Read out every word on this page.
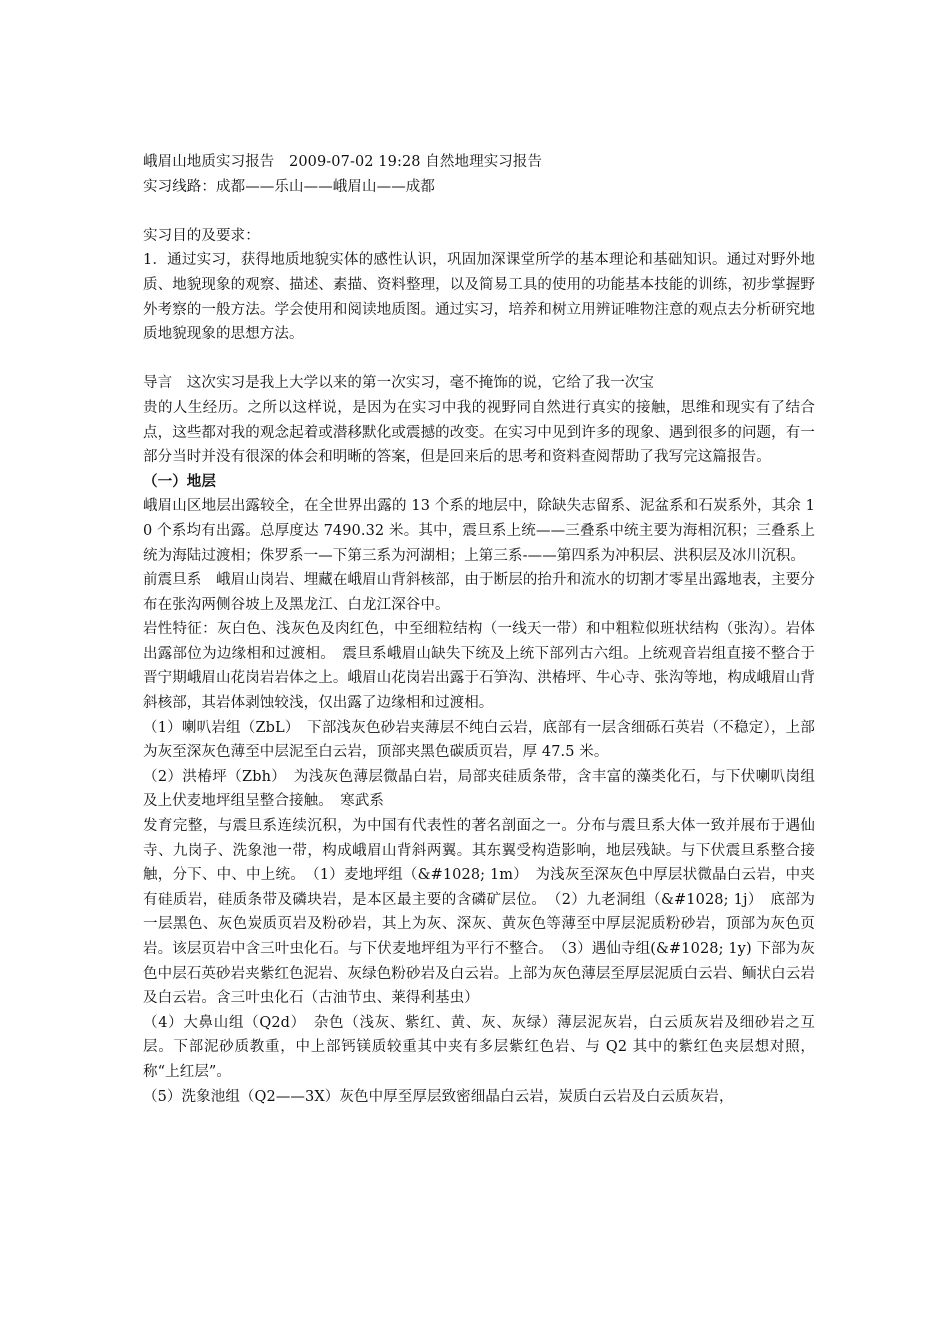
峨眉山地质实习报告　2009-07-02 19:28 自然地理实习报告

实习线路：成都——乐山——峨眉山——成都

实习目的及要求：

1．通过实习，获得地质地貌实体的感性认识，巩固加深课堂所学的基本理论和基础知识。通过对野外地质、地貌现象的观察、描述、素描、资料整理，以及简易工具的使用的功能基本技能的训练，初步掌握野外考察的一般方法。学会使用和阅读地质图。通过实习，培养和树立用辨证唯物注意的观点去分析研究地质地貌现象的思想方法。

导言　这次实习是我上大学以来的第一次实习，毫不掩饰的说，它给了我一次宝

贵的人生经历。之所以这样说，是因为在实习中我的视野同自然进行真实的接触，思维和现实有了结合点，这些都对我的观念起着或潜移默化或震撼的改变。在实习中见到许多的现象、遇到很多的问题，有一部分当时并没有很深的体会和明晰的答案，但是回来后的思考和资料查阅帮助了我写完这篇报告。

（一）地层

峨眉山区地层出露较全，在全世界出露的 13 个系的地层中，除缺失志留系、泥盆系和石炭系外，其余 10 个系均有出露。总厚度达 7490.32 米。其中，震旦系上统——三叠系中统主要为海相沉积；三叠系上统为海陆过渡相；侏罗系一—下第三系为河湖相；上第三系-——第四系为冲积层、洪积层及冰川沉积。

前震旦系　峨眉山岗岩、埋藏在峨眉山背斜核部，由于断层的抬升和流水的切割才零星出露地表，主要分布在张沟两侧谷坡上及黑龙江、白龙江深谷中。

岩性特征：灰白色、浅灰色及肉红色，中至细粒结构（一线天一带）和中粗粒似班状结构（张沟）。岩体出露部位为边缘相和过渡相。　震旦系峨眉山缺失下统及上统下部列古六组。上统观音岩组直接不整合于晋宁期峨眉山花岗岩岩体之上。峨眉山花岗岩出露于石笋沟、洪椿坪、牛心寺、张沟等地，构成峨眉山背斜核部，其岩体剥蚀较浅，仅出露了边缘相和过渡相。

（1）喇叭岩组（ZbL）　下部浅灰色砂岩夹薄层不纯白云岩，底部有一层含细砾石英岩（不稳定），上部为灰至深灰色薄至中层泥至白云岩，顶部夹黑色碳质页岩，厚 47.5 米。

（2）洪椿坪（Zbh）　为浅灰色薄层微晶白岩，局部夹硅质条带，含丰富的藻类化石，与下伏喇叭岗组及上伏麦地坪组呈整合接触。　寒武系

发育完整，与震旦系连续沉积，为中国有代表性的著名剖面之一。分布与震旦系大体一致并展布于遇仙寺、九岗子、洗象池一带，构成峨眉山背斜两翼。其东翼受构造影响，地层残缺。与下伏震旦系整合接触，分下、中、中上统。　（1）麦地坪组（&#1028; 1m）　为浅灰至深灰色中厚层状微晶白云岩，中夹有硅质岩，硅质条带及磷块岩，是本区最主要的含磷矿层位。　（2）九老洞组（&#1028; 1j）　底部为一层黑色、灰色炭质页岩及粉砂岩，其上为灰、深灰、黄灰色等薄至中厚层泥质粉砂岩，顶部为灰色页岩。该层页岩中含三叶虫化石。与下伏麦地坪组为平行不整合。　（3）遇仙寺组(&#1028; 1y) 下部为灰色中层石英砂岩夹紫红色泥岩、灰绿色粉砂岩及白云岩。上部为灰色薄层至厚层泥质白云岩、鲕状白云岩及白云岩。含三叶虫化石（古油节虫、莱得利基虫）

（4）大鼻山组（Q2d）　杂色（浅灰、紫红、黄、灰、灰绿）薄层泥灰岩，白云质灰岩及细砂岩之互层。下部泥砂质教重，中上部钙镁质较重其中夹有多层紫红色岩、与 Q2 其中的紫红色夹层想对照，称“上红层”。

（5）洗象池组（Q2——3X）灰色中厚至厚层致密细晶白云岩，炭质白云岩及白云质灰岩，
